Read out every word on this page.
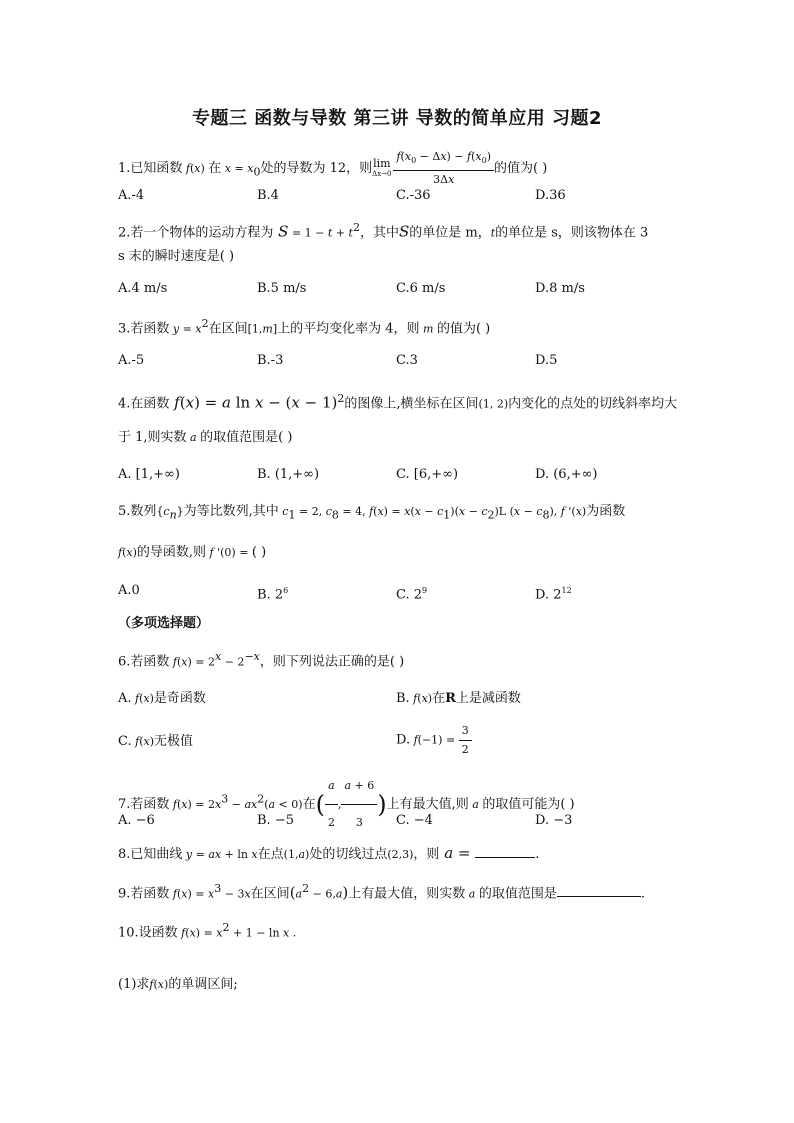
专题三 函数与导数 第三讲 导数的简单应用 习题2
1.已知函数 f(x) 在 $x = x_0$处的导数为 12，则 lim
$\Delta x\to 0 \frac{f(x_0 - \Delta x) - f(x_0)}{3\Delta x}$ 的值为( )
A.-4	B.4	C.-36	D.36
2.若一个物体的运动方程为 $S = 1 - t + t^2$，其中S的单位是 m，t的单位是 s，则该物体在 3
s 末的瞬时速度是( )
A.4 m/s	B.5 m/s	C.6 m/s	D.8 m/s
3.若函数 $y = x^2$在区间[1,m]上的平均变化率为 4，则 m 的值为( )
A.-5	B.-3	C.3	D.5
4.在函数 f(x) = a $\ln x - (x - 1)^2$的图像上,横坐标在区间(1, 2)内变化的点处的切线斜率均大
于 1,则实数 a 的取值范围是( )
A. [1,+∞)	B. (1,+∞)	C. [6,+∞)	D. (6,+∞)
5.数列$\{c_n\}$为等比数列,其中 $c_1 = 2$, $c_8 = 4$, $f(x) = x(x - c_1)(x - c_2)L$ $(x - c_8)$, f '(x)为函数
f(x)的导函数,则 f '(0) = ( )
A.0	B. $2^6$	C. $2^9$	D. $2^{12}$
（多项选择题）
6.若函数 $f(x) = 2^x - 2^{-x}$，则下列说法正确的是( )
A. f(x)是奇函数	B. f(x)在R上是减函数
C. f(x)无极值	D. $f(-1) = \frac{3}{2}$
7.若函数 $f(x) = 2x^3 - ax^2(a < 0)$在( $\frac{a}{2}$ , $\frac{a + 6}{3}$ )上有最大值,则 a 的取值可能为( )
A. −6	B. −5	C. −4	D. −3
8.已知曲线 y = ax + ln x在点(1,a)处的切线过点(2,3)，则 a =	.
9.若函数 $f(x) = x^3 - 3x$在区间$(a^2 - 6,a)$上有最大值，则实数 a 的取值范围是	.
10.设函数 $f(x) = x^2 + 1 - \ln x$ .
(1)求f(x)的单调区间;
